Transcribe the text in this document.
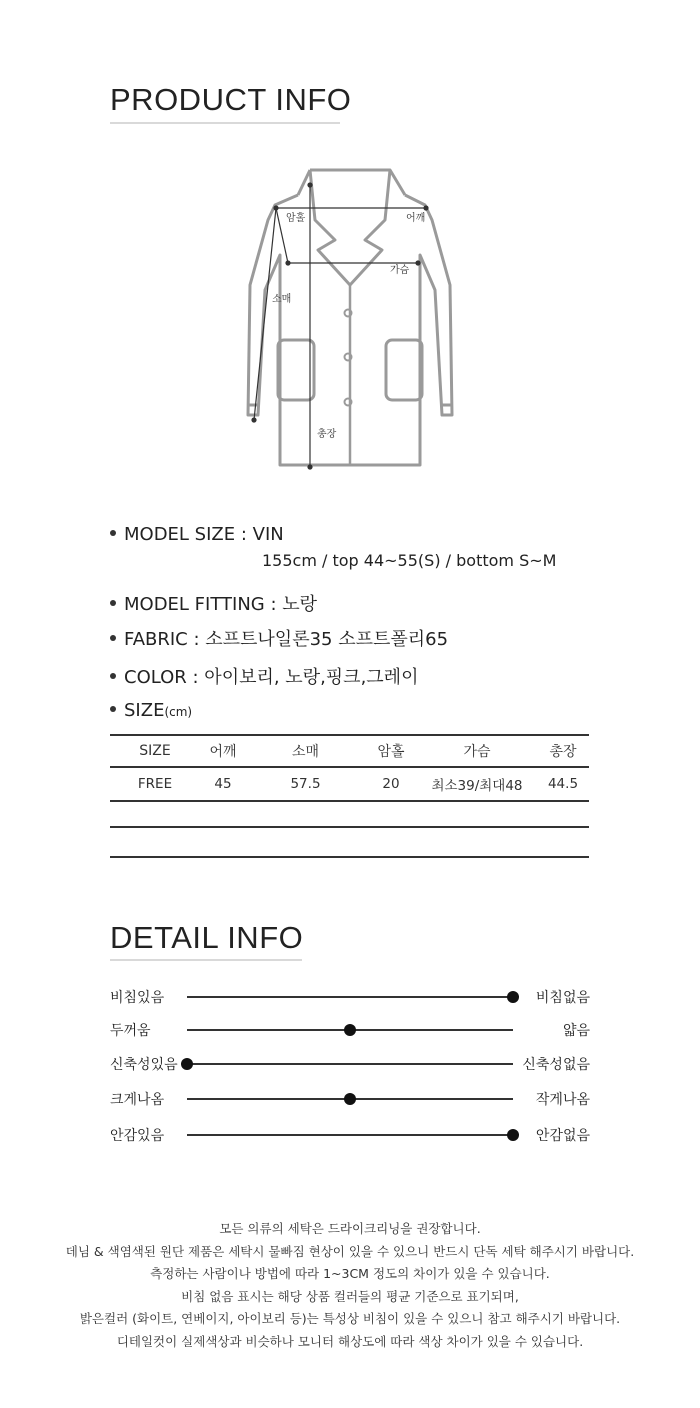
PRODUCT INFO
암홀	어깨
가슴
소매
총장
MODEL SIZE : VIN
155cm / top 44~55(S) / bottom S~M
MODEL FITTING : 노랑
FABRIC : 소프트나일론35 소프트폴리65
COLOR : 아이보리, 노랑,핑크,그레이
SIZE(cm)
SIZE	어깨	소매	암홀	가슴	총장
FREE	45	57.5	20	최소39/최대48	44.5
DETAIL INFO
비침있음	비침없음
두꺼움	얇음
신축성있음	신축성없음
크게나옴	작게나옴
안감있음	안감없음
모든 의류의 세탁은 드라이크리닝을 권장합니다.
데님 & 색염색된 원단 제품은 세탁시 물빠짐 현상이 있을 수 있으니 반드시 단독 세탁 해주시기 바랍니다.
측정하는 사람이나 방법에 따라 1~3CM 정도의 차이가 있을 수 있습니다.
비침 없음 표시는 해당 상품 컬러들의 평균 기준으로 표기되며,
밝은컬러 (화이트, 연베이지, 아이보리 등)는 특성상 비침이 있을 수 있으니 참고 해주시기 바랍니다.
디테일컷이 실제색상과 비슷하나 모니터 해상도에 따라 색상 차이가 있을 수 있습니다.
